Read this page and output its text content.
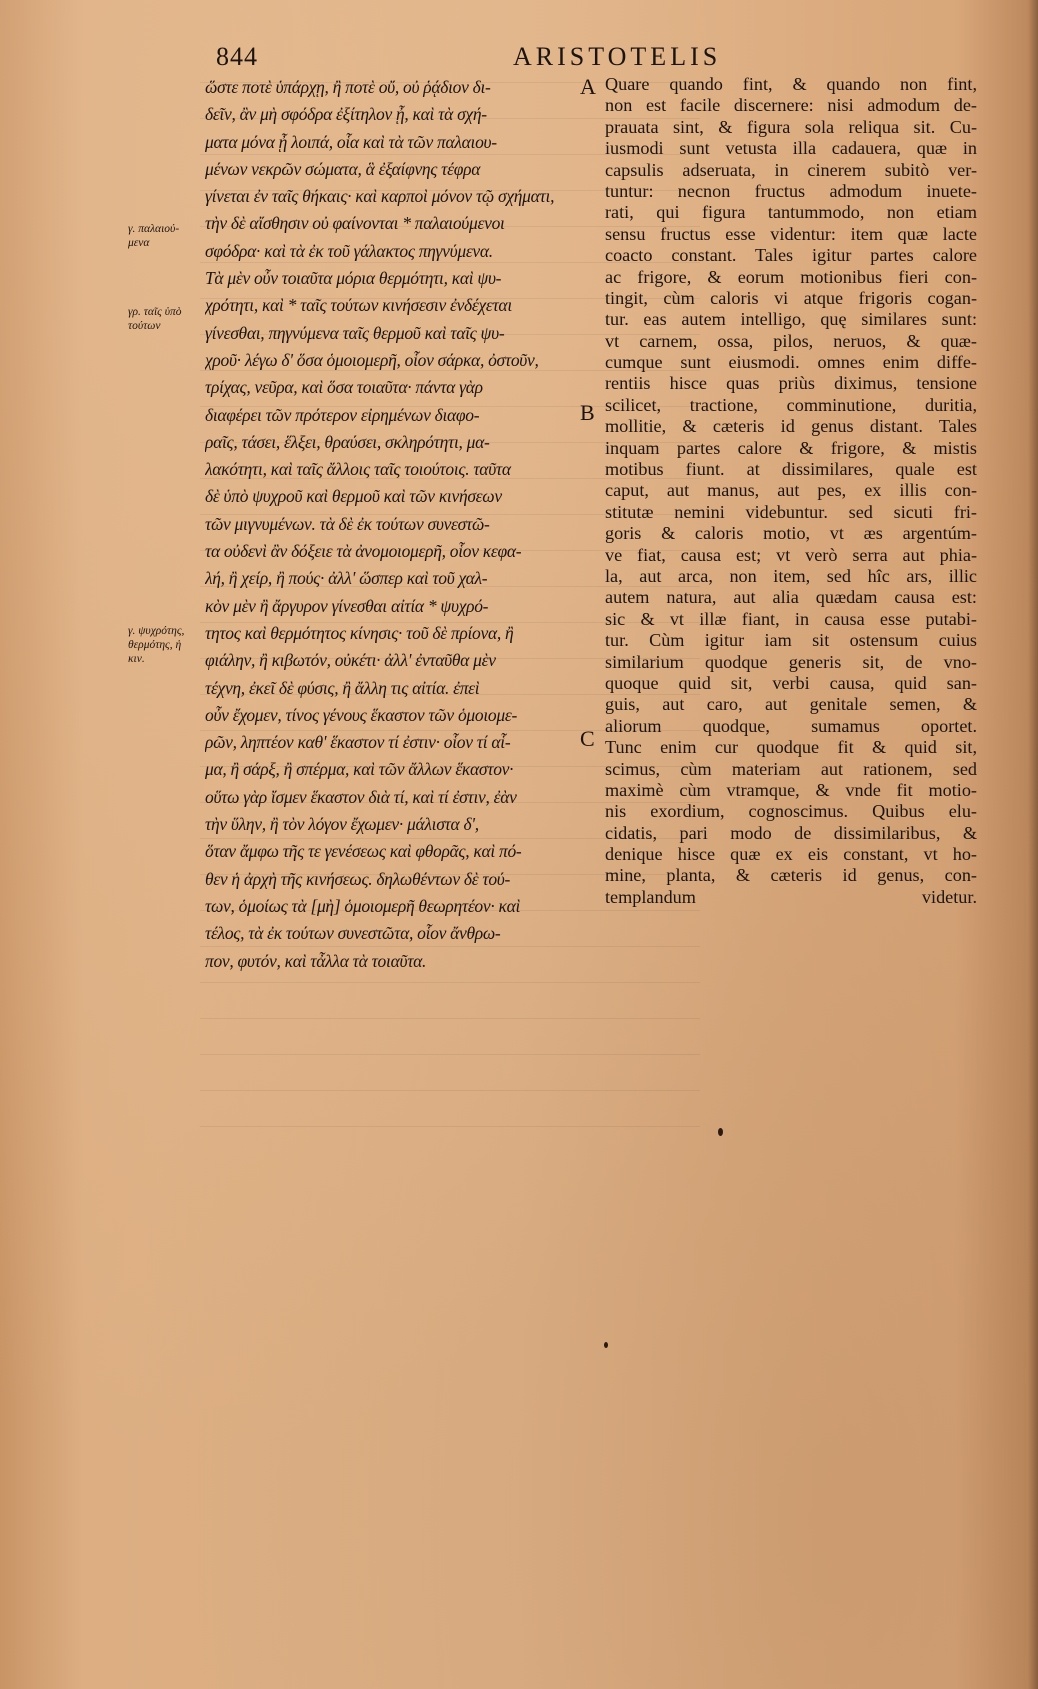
844	ARISTOTELIS
A
B
C
γ. παλαιού-
μενα
γρ. ταῖς ὑπὸ
τούτων
γ. ψυχρότης,
θερμότης, ἡ
κιν.
ὥστε ποτὲ ὑπάρχῃ, ἢ ποτὲ οὔ, οὐ ῥᾴδιον δι-
δεῖν, ἂν μὴ σφόδρα ἐξίτηλον ᾖ, καὶ τὰ σχή-
ματα μόνα ᾖ λοιπά, οἷα καὶ τὰ τῶν παλαιου-
μένων νεκρῶν σώματα, ἃ ἐξαίφνης τέφρα
γίνεται ἐν ταῖς θήκαις· καὶ καρποὶ μόνον τῷ σχήματι,
τὴν δὲ αἴσθησιν οὐ φαίνονται * παλαιούμενοι
σφόδρα· καὶ τὰ ἐκ τοῦ γάλακτος πηγνύμενα.
Τὰ μὲν οὖν τοιαῦτα μόρια θερμότητι, καὶ ψυ-
χρότητι, καὶ * ταῖς τούτων κινήσεσιν ἐνδέχεται
γίνεσθαι, πηγνύμενα ταῖς θερμοῦ καὶ ταῖς ψυ-
χροῦ· λέγω δ' ὅσα ὁμοιομερῆ, οἷον σάρκα, ὀστοῦν,
τρίχας, νεῦρα, καὶ ὅσα τοιαῦτα· πάντα γὰρ
διαφέρει τῶν πρότερον εἰρημένων διαφο-
ραῖς, τάσει, ἕλξει, θραύσει, σκληρότητι, μα-
λακότητι, καὶ ταῖς ἄλλοις ταῖς τοιούτοις. ταῦτα
δὲ ὑπὸ ψυχροῦ καὶ θερμοῦ καὶ τῶν κινήσεων
τῶν μιγνυμένων. τὰ δὲ ἐκ τούτων συνεστῶ-
τα οὐδενὶ ἂν δόξειε τὰ ἀνομοιομερῆ, οἷον κεφα-
λή, ἢ χείρ, ἢ πούς· ἀλλ' ὥσπερ καὶ τοῦ χαλ-
κὸν μὲν ἢ ἄργυρον γίνεσθαι αἰτία * ψυχρό-
τητος καὶ θερμότητος κίνησις· τοῦ δὲ πρίονα, ἢ
φιάλην, ἢ κιβωτόν, οὐκέτι· ἀλλ' ἐνταῦθα μὲν
τέχνη, ἐκεῖ δὲ φύσις, ἢ ἄλλη τις αἰτία. ἐπεὶ
οὖν ἔχομεν, τίνος γένους ἕκαστον τῶν ὁμοιομε-
ρῶν, ληπτέον καθ' ἕκαστον τί ἐστιν· οἷον τί αἷ-
μα, ἢ σάρξ, ἢ σπέρμα, καὶ τῶν ἄλλων ἕκαστον·
οὕτω γὰρ ἴσμεν ἕκαστον διὰ τί, καὶ τί ἐστιν, ἐὰν
τὴν ὕλην, ἢ τὸν λόγον ἔχωμεν· μάλιστα δ',
ὅταν ἄμφω τῆς τε γενέσεως καὶ φθορᾶς, καὶ πό-
θεν ἡ ἀρχὴ τῆς κινήσεως. δηλωθέντων δὲ τού-
των, ὁμοίως τὰ [μὴ] ὁμοιομερῆ θεωρητέον· καὶ
τέλος, τὰ ἐκ τούτων συνεστῶτα, οἷον ἄνθρω-
πον, φυτόν, καὶ τἆλλα τὰ τοιαῦτα.
Quare quando fint, & quando non fint,
non est facile discernere: nisi admodum de-
prauata sint, & figura sola reliqua sit. Cu-
iusmodi sunt vetusta illa cadauera, quæ in
capsulis adseruata, in cinerem subitò ver-
tuntur: necnon fructus admodum inuete-
rati, qui figura tantummodo, non etiam
sensu fructus esse videntur: item quæ lacte
coacto constant. Tales igitur partes calore
ac frigore, & eorum motionibus fieri con-
tingit, cùm caloris vi atque frigoris cogan-
tur. eas autem intelligo, quę similares sunt:
vt carnem, ossa, pilos, neruos, & quæ-
cumque sunt eiusmodi. omnes enim diffe-
rentiis hisce quas priùs diximus, tensione
scilicet, tractione, comminutione, duritia,
mollitie, & cæteris id genus distant. Tales
inquam partes calore & frigore, & mistis
motibus fiunt. at dissimilares, quale est
caput, aut manus, aut pes, ex illis con-
stitutæ nemini videbuntur. sed sicuti fri-
goris & caloris motio, vt æs argentúm-
ve fiat, causa est; vt verò serra aut phia-
la, aut arca, non item, sed hîc ars, illic
autem natura, aut alia quædam causa est:
sic & vt illæ fiant, in causa esse putabi-
tur. Cùm igitur iam sit ostensum cuius
similarium quodque generis sit, de vno-
quoque quid sit, verbi causa, quid san-
guis, aut caro, aut genitale semen, &
aliorum quodque, sumamus oportet.
Tunc enim cur quodque fit & quid sit,
scimus, cùm materiam aut rationem, sed
maximè cùm vtramque, & vnde fit motio-
nis exordium, cognoscimus. Quibus elu-
cidatis, pari modo de dissimilaribus, &
denique hisce quæ ex eis constant, vt ho-
mine, planta, & cæteris id genus, con-
templandum videtur.
